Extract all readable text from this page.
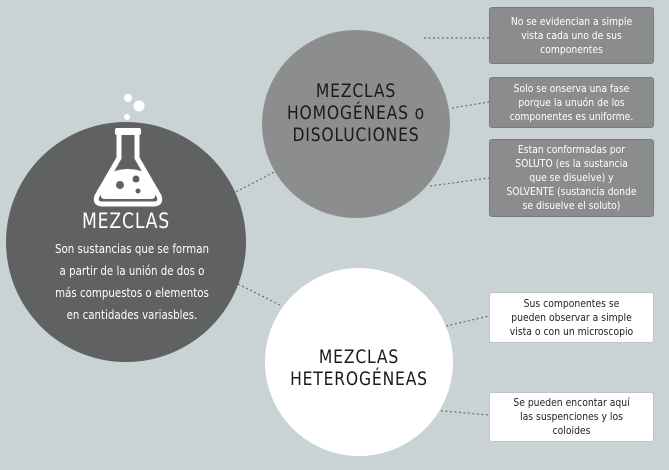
MEZCLAS
Son sustancias que se forman a partir de la unión de dos o más compuestos o elementos en cantidades variasbles.
MEZCLAS
HOMOGÉNEAS o
DISOLUCIONES
MEZCLAS
HETEROGÉNEAS
No se evidencian a simple vista cada uno de sus componentes
Solo se onserva una fase porque la unuón de los componentes es uniforme.
Estan conformadas por SOLUTO (es la sustancia que se disuelve) y SOLVENTE (sustancia donde se disuelve el soluto)
Sus componentes se pueden observar a simple vista o con un microscopio
Se pueden encontar aquí las suspenciones y los coloides
